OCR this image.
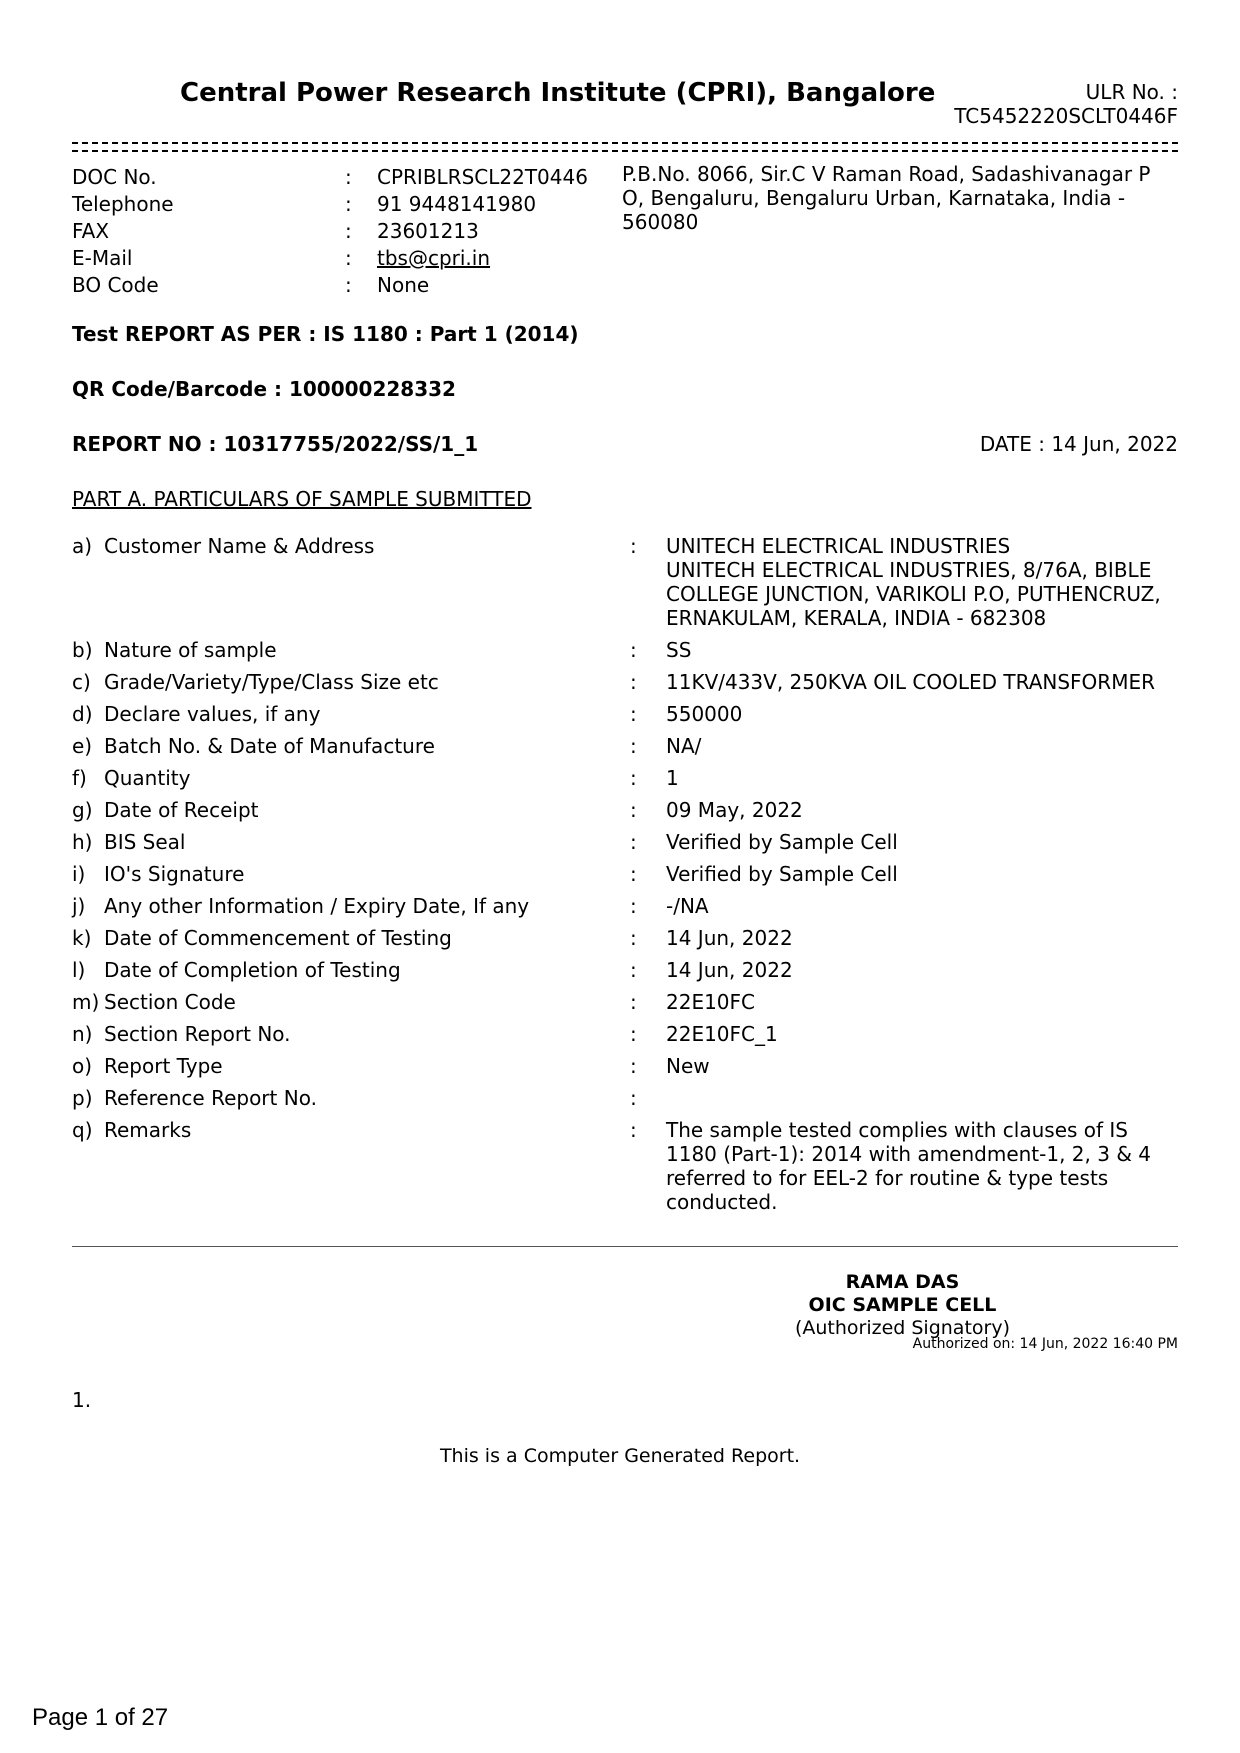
Central Power Research Institute (CPRI), Bangalore	ULR No. :
TC5452220SCLT0446F
DOC No.	:	CPRIBLRSCL22T0446
Telephone	:	91 9448141980
FAX	:	23601213
E-Mail	:	tbs@cpri.in
BO Code	:	None
P.B.No. 8066, Sir.C V Raman Road, Sadashivanagar P O, Bengaluru, Bengaluru Urban, Karnataka, India - 560080
Test REPORT AS PER : IS 1180 : Part 1 (2014)
QR Code/Barcode : 100000228332
REPORT NO : 10317755/2022/SS/1_1	DATE : 14 Jun, 2022
PART A. PARTICULARS OF SAMPLE SUBMITTED
a) Customer Name & Address	:	UNITECH ELECTRICAL INDUSTRIES
UNITECH ELECTRICAL INDUSTRIES, 8/76A, BIBLE COLLEGE JUNCTION, VARIKOLI P.O, PUTHENCRUZ, ERNAKULAM, KERALA, INDIA - 682308
b) Nature of sample	:	SS
c) Grade/Variety/Type/Class Size etc	:	11KV/433V, 250KVA OIL COOLED TRANSFORMER
d) Declare values, if any	:	550000
e) Batch No. & Date of Manufacture	:	NA/
f) Quantity	:	1
g) Date of Receipt	:	09 May, 2022
h) BIS Seal	:	Verified by Sample Cell
i) IO's Signature	:	Verified by Sample Cell
j) Any other Information / Expiry Date, If any	:	-/NA
k) Date of Commencement of Testing	:	14 Jun, 2022
l) Date of Completion of Testing	:	14 Jun, 2022
m) Section Code	:	22E10FC
n) Section Report No.	:	22E10FC_1
o) Report Type	:	New
p) Reference Report No.	:
q) Remarks	:	The sample tested complies with clauses of IS 1180 (Part-1): 2014 with amendment-1, 2, 3 & 4 referred to for EEL-2 for routine & type tests conducted.
RAMA DAS
OIC SAMPLE CELL
(Authorized Signatory)
Authorized on: 14 Jun, 2022 16:40 PM
1.
This is a Computer Generated Report.
Page 1 of 27
